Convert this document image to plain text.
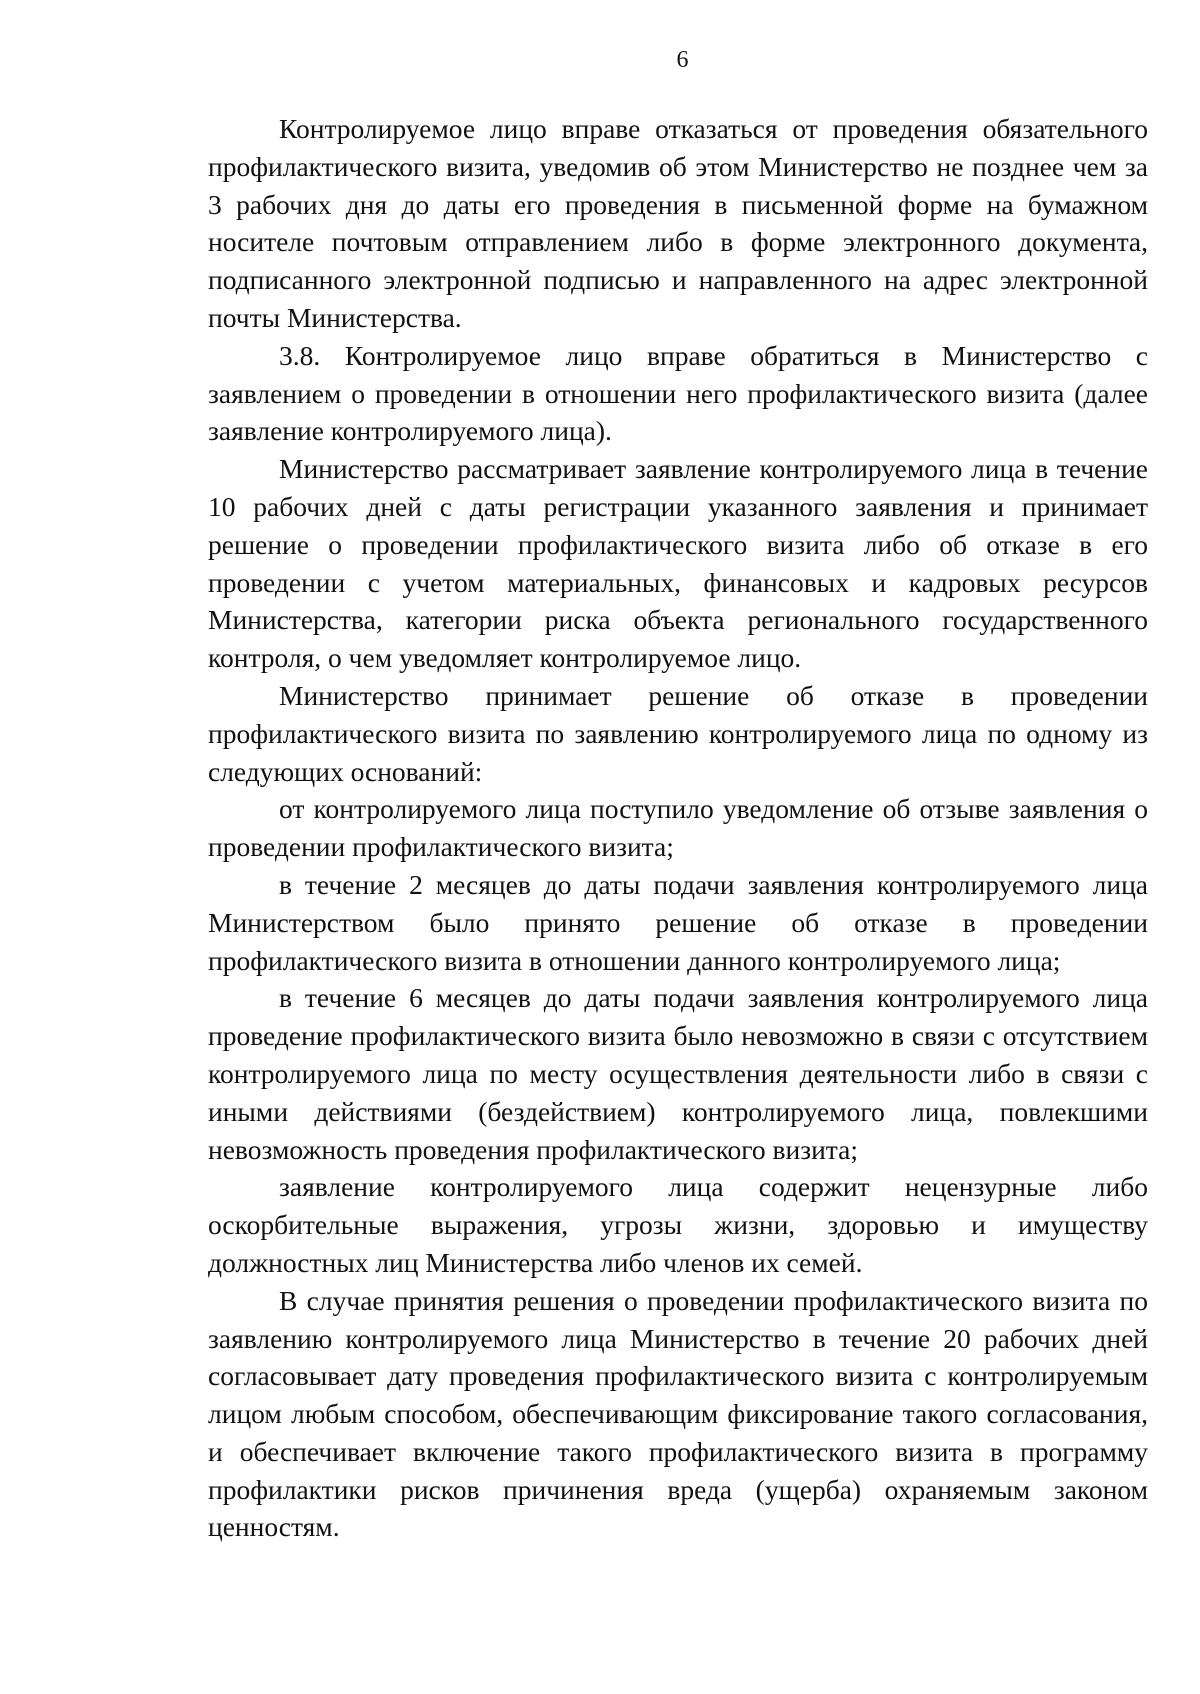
6

Контролируемое лицо вправе отказаться от проведения обязательного профилактического визита, уведомив об этом Министерство не позднее чем за 3 рабочих дня до даты его проведения в письменной форме на бумажном носителе почтовым отправлением либо в форме электронного документа, подписанного электронной подписью и направленного на адрес электронной почты Министерства.

3.8. Контролируемое лицо вправе обратиться в Министерство с заявлением о проведении в отношении него профилактического визита (далее заявление контролируемого лица).

Министерство рассматривает заявление контролируемого лица в течение 10 рабочих дней с даты регистрации указанного заявления и принимает решение о проведении профилактического визита либо об отказе в его проведении с учетом материальных, финансовых и кадровых ресурсов Министерства, категории риска объекта регионального государственного контроля, о чем уведомляет контролируемое лицо.

Министерство принимает решение об отказе в проведении профилактического визита по заявлению контролируемого лица по одному из следующих оснований:

от контролируемого лица поступило уведомление об отзыве заявления о проведении профилактического визита;

в течение 2 месяцев до даты подачи заявления контролируемого лица Министерством было принято решение об отказе в проведении профилактического визита в отношении данного контролируемого лица;

в течение 6 месяцев до даты подачи заявления контролируемого лица проведение профилактического визита было невозможно в связи с отсутствием контролируемого лица по месту осуществления деятельности либо в связи с иными действиями (бездействием) контролируемого лица, повлекшими невозможность проведения профилактического визита;

заявление контролируемого лица содержит нецензурные либо оскорбительные выражения, угрозы жизни, здоровью и имуществу должностных лиц Министерства либо членов их семей.

В случае принятия решения о проведении профилактического визита по заявлению контролируемого лица Министерство в течение 20 рабочих дней согласовывает дату проведения профилактического визита с контролируемым лицом любым способом, обеспечивающим фиксирование такого согласования, и обеспечивает включение такого профилактического визита в программу профилактики рисков причинения вреда (ущерба) охраняемым законом ценностям.
